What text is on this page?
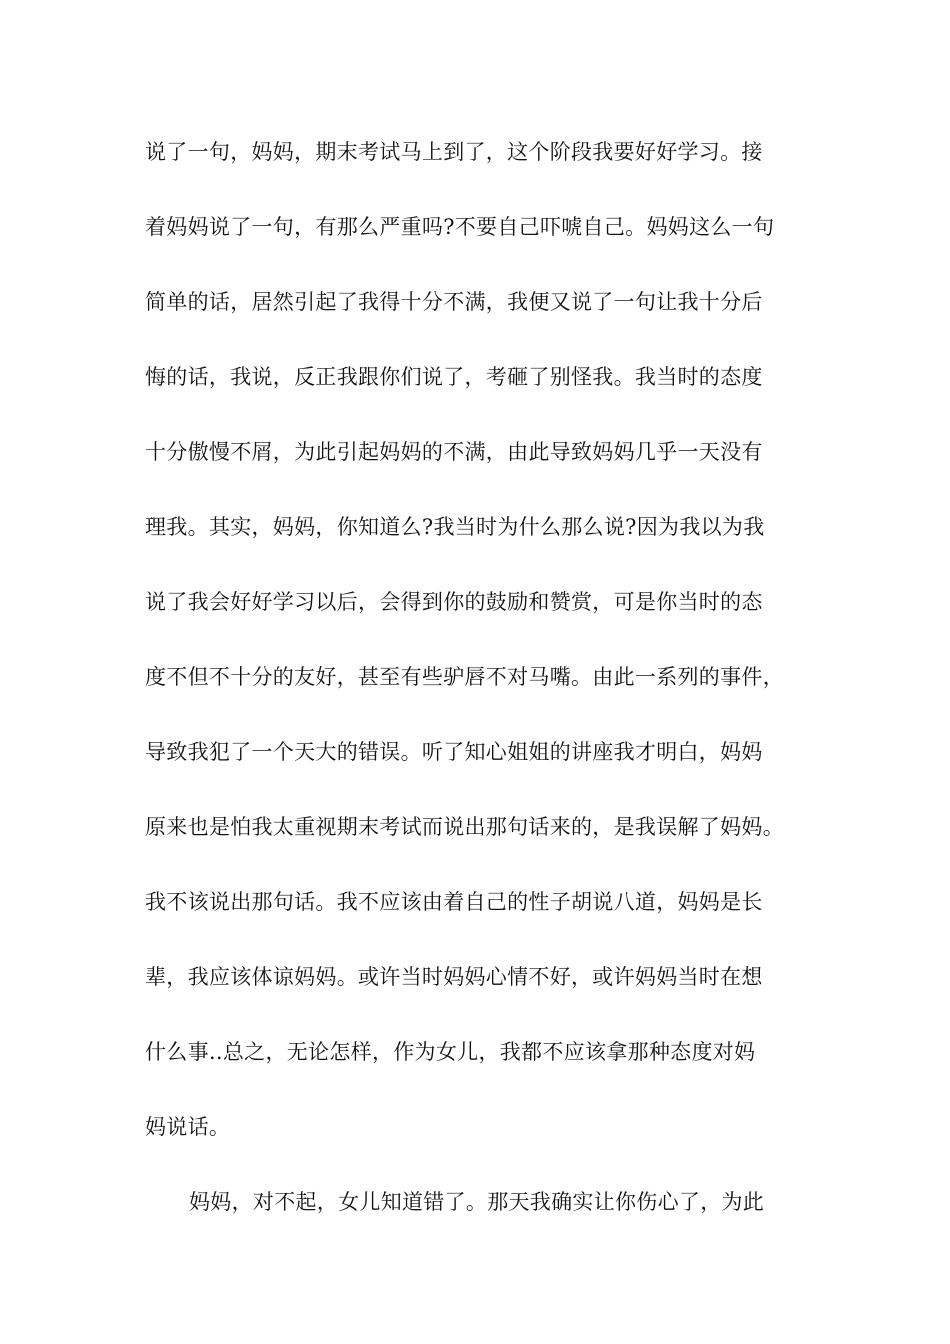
说了一句，妈妈，期末考试马上到了，这个阶段我要好好学习。接
着妈妈说了一句，有那么严重吗?不要自己吓唬自己。妈妈这么一句
简单的话，居然引起了我得十分不满，我便又说了一句让我十分后
悔的话，我说，反正我跟你们说了，考砸了别怪我。我当时的态度
十分傲慢不屑，为此引起妈妈的不满，由此导致妈妈几乎一天没有
理我。其实，妈妈，你知道么?我当时为什么那么说?因为我以为我
说了我会好好学习以后，会得到你的鼓励和赞赏，可是你当时的态
度不但不十分的友好，甚至有些驴唇不对马嘴。由此一系列的事件，
导致我犯了一个天大的错误。听了知心姐姐的讲座我才明白，妈妈
原来也是怕我太重视期末考试而说出那句话来的，是我误解了妈妈。
我不该说出那句话。我不应该由着自己的性子胡说八道，妈妈是长
辈，我应该体谅妈妈。或许当时妈妈心情不好，或许妈妈当时在想
什么事..总之，无论怎样，作为女儿，我都不应该拿那种态度对妈
妈说话。
妈妈，对不起，女儿知道错了。那天我确实让你伤心了，为此
